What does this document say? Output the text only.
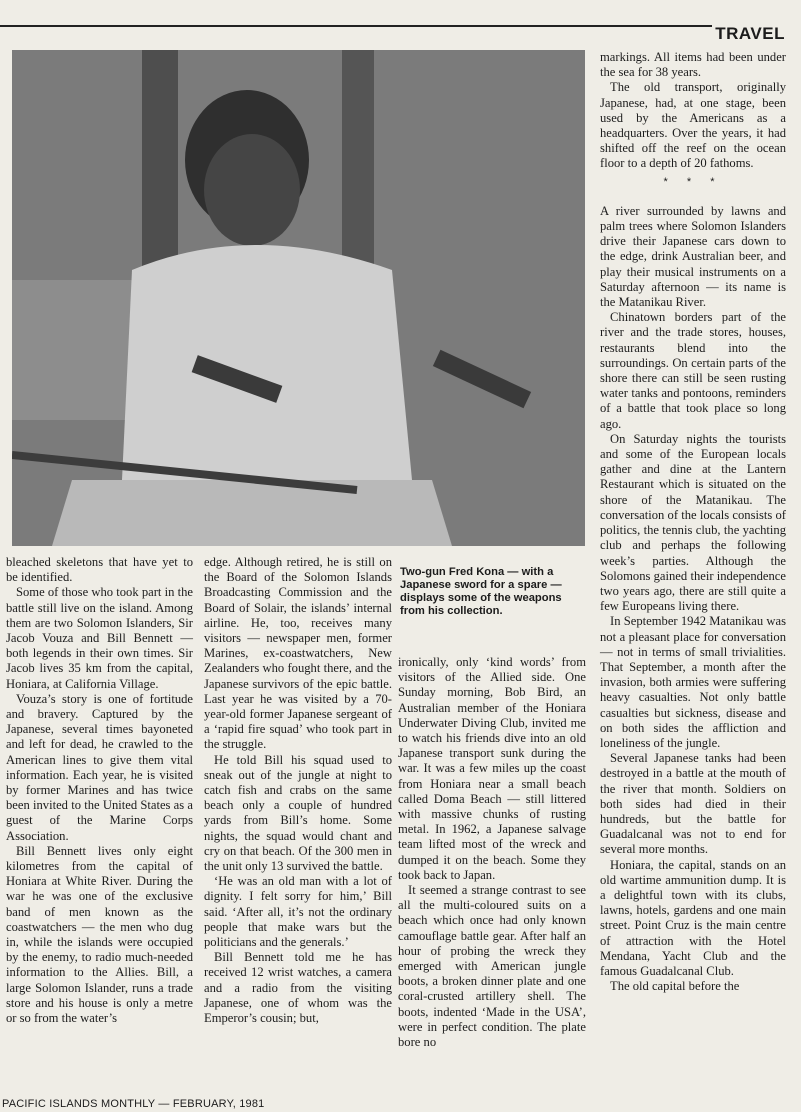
TRAVEL

bleached skeletons that have yet to be identified.

Some of those who took part in the battle still live on the island. Among them are two Solomon Islanders, Sir Jacob Vouza and Bill Bennett — both legends in their own times. Sir Jacob lives 35 km from the capital, Honiara, at California Village.

Vouza’s story is one of fortitude and bravery. Captured by the Japanese, several times bayoneted and left for dead, he crawled to the American lines to give them vital information. Each year, he is visited by former Marines and has twice been invited to the United States as a guest of the Marine Corps Association.

Bill Bennett lives only eight kilometres from the capital of Honiara at White River. During the war he was one of the exclusive band of men known as the coastwatchers — the men who dug in, while the islands were occupied by the enemy, to radio much-needed information to the Allies. Bill, a large Solomon Islander, runs a trade store and his house is only a metre or so from the water’s

edge. Although retired, he is still on the Board of the Solomon Islands Broadcasting Commission and the Board of Solair, the islands’ internal airline. He, too, receives many visitors — newspaper men, former Marines, ex-coastwatchers, New Zealanders who fought there, and the Japanese survivors of the epic battle. Last year he was visited by a 70-year-old former Japanese sergeant of a ‘rapid fire squad’ who took part in the struggle.

He told Bill his squad used to sneak out of the jungle at night to catch fish and crabs on the same beach only a couple of hundred yards from Bill’s home. Some nights, the squad would chant and cry on that beach. Of the 300 men in the unit only 13 survived the battle.

‘He was an old man with a lot of dignity. I felt sorry for him,’ Bill said. ‘After all, it’s not the ordinary people that make wars but the politicians and the generals.’

Bill Bennett told me he has received 12 wrist watches, a camera and a radio from the visiting Japanese, one of whom was the Emperor’s cousin; but,

Two-gun Fred Kona — with a Japanese sword for a spare — displays some of the weapons from his collection.

ironically, only ‘kind words’ from visitors of the Allied side. One Sunday morning, Bob Bird, an Australian member of the Honiara Underwater Diving Club, invited me to watch his friends dive into an old Japanese transport sunk during the war. It was a few miles up the coast from Honiara near a small beach called Doma Beach — still littered with massive chunks of rusting metal. In 1962, a Japanese salvage team lifted most of the wreck and dumped it on the beach. Some they took back to Japan.

It seemed a strange contrast to see all the multi-coloured suits on a beach which once had only known camouflage battle gear. After half an hour of probing the wreck they emerged with American jungle boots, a broken dinner plate and one coral-crusted artillery shell. The boots, indented ‘Made in the USA’, were in perfect condition. The plate bore no

markings. All items had been under the sea for 38 years.

The old transport, originally Japanese, had, at one stage, been used by the Americans as a headquarters. Over the years, it had shifted off the reef on the ocean floor to a depth of 20 fathoms.

* * *

A river surrounded by lawns and palm trees where Solomon Islanders drive their Japanese cars down to the edge, drink Australian beer, and play their musical instruments on a Saturday afternoon — its name is the Matanikau River.

Chinatown borders part of the river and the trade stores, houses, restaurants blend into the surroundings. On certain parts of the shore there can still be seen rusting water tanks and pontoons, reminders of a battle that took place so long ago.

On Saturday nights the tourists and some of the European locals gather and dine at the Lantern Restaurant which is situated on the shore of the Matanikau. The conversation of the locals consists of politics, the tennis club, the yachting club and perhaps the following week’s parties. Although the Solomons gained their independence two years ago, there are still quite a few Europeans living there.

In September 1942 Matanikau was not a pleasant place for conversation — not in terms of small trivialities. That September, a month after the invasion, both armies were suffering heavy casualties. Not only battle casualties but sickness, disease and on both sides the affliction and loneliness of the jungle.

Several Japanese tanks had been destroyed in a battle at the mouth of the river that month. Soldiers on both sides had died in their hundreds, but the battle for Guadalcanal was not to end for several more months.

Honiara, the capital, stands on an old wartime ammunition dump. It is a delightful town with its clubs, lawns, hotels, gardens and one main street. Point Cruz is the main centre of attraction with the Hotel Mendana, Yacht Club and the famous Guadalcanal Club.

The old capital before the

PACIFIC ISLANDS MONTHLY — FEBRUARY, 1981
